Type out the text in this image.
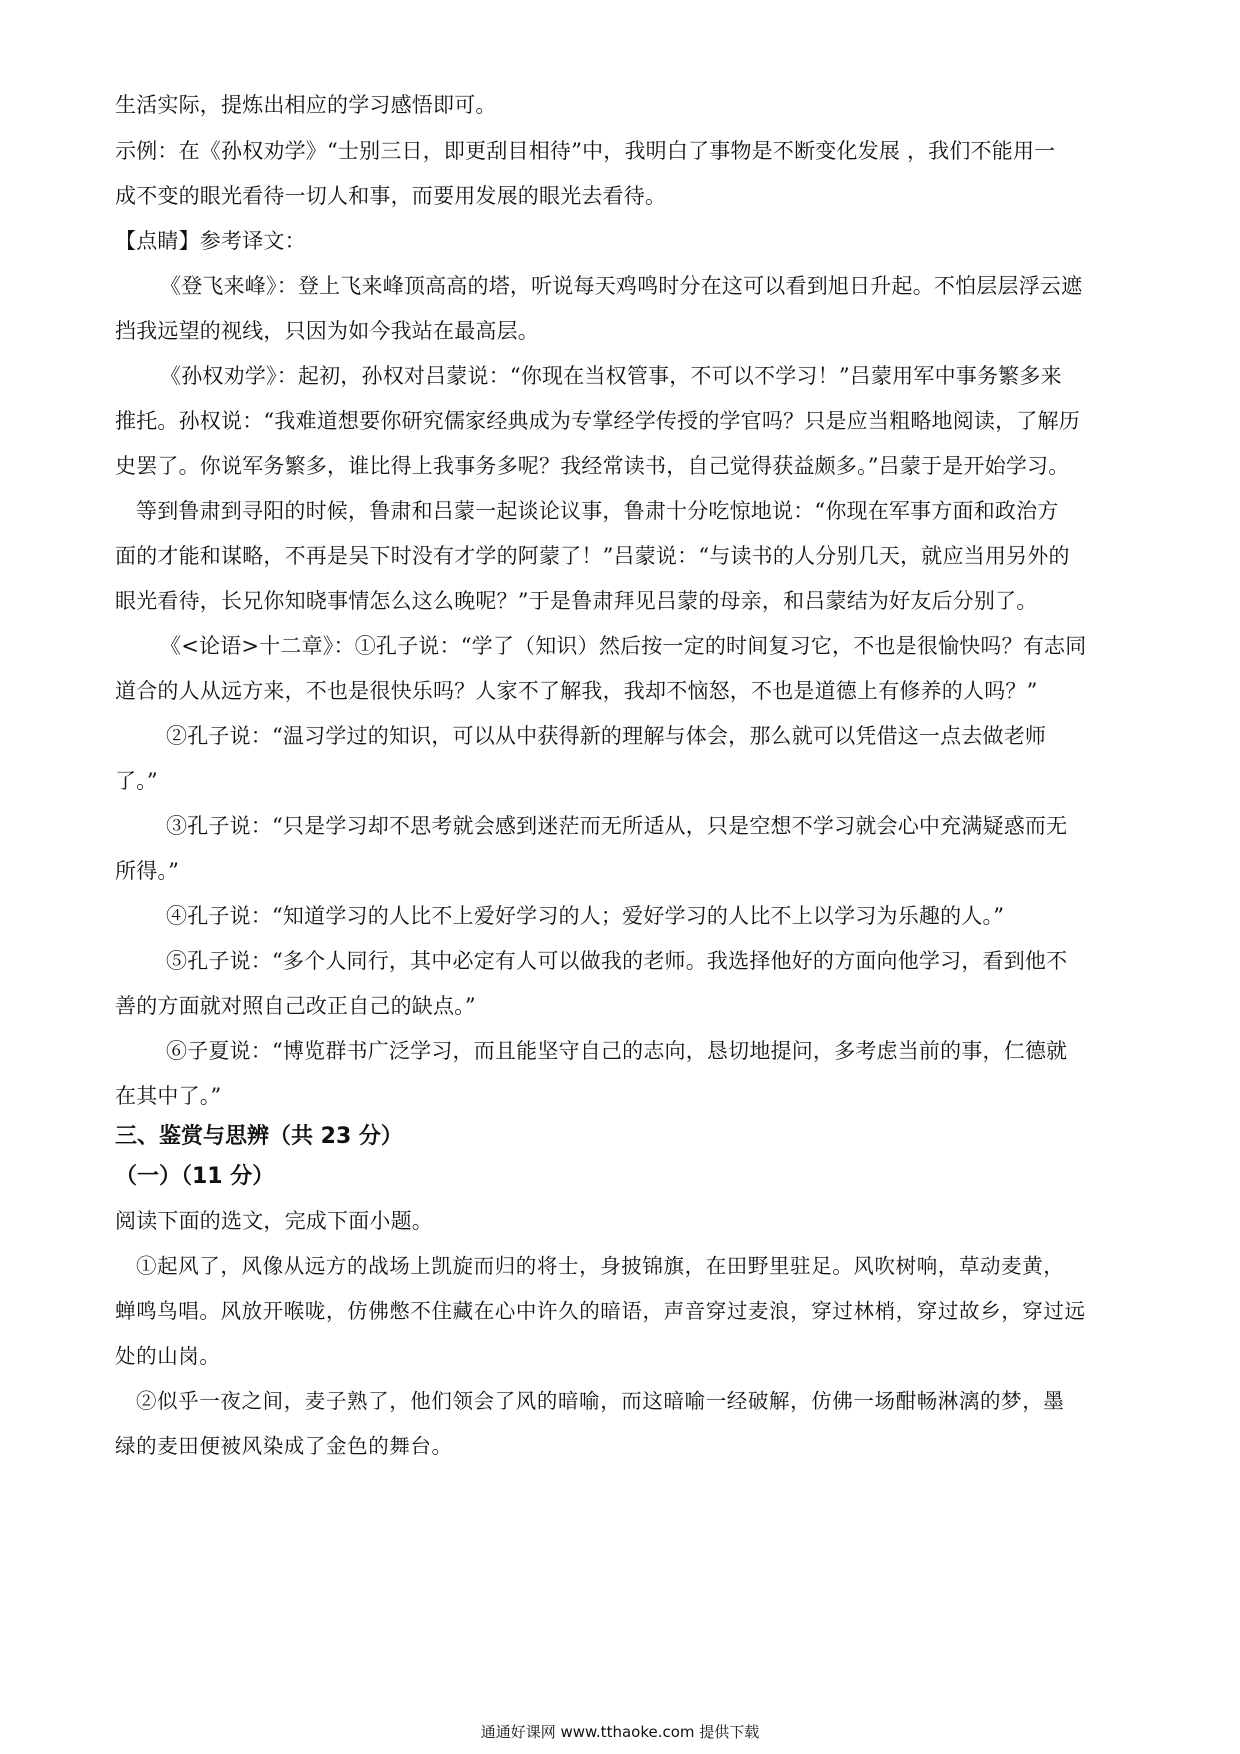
生活实际，提炼出相应的学习感悟即可。
示例：在《孙权劝学》“士别三日，即更刮目相待”中，我明白了事物是不断变化发展 ，我们不能用一
成不变的眼光看待一切人和事，而要用发展的眼光去看待。
【点睛】参考译文：
《登飞来峰》：登上飞来峰顶高高的塔，听说每天鸡鸣时分在这可以看到旭日升起。不怕层层浮云遮
挡我远望的视线，只因为如今我站在最高层。
《孙权劝学》：起初，孙权对吕蒙说：“你现在当权管事，不可以不学习！”吕蒙用军中事务繁多来
推托。孙权说：“我难道想要你研究儒家经典成为专掌经学传授的学官吗？只是应当粗略地阅读，了解历
史罢了。你说军务繁多，谁比得上我事务多呢？我经常读书，自己觉得获益颇多。”吕蒙于是开始学习。
等到鲁肃到寻阳的时候，鲁肃和吕蒙一起谈论议事，鲁肃十分吃惊地说：“你现在军事方面和政治方
面的才能和谋略，不再是吴下时没有才学的阿蒙了！”吕蒙说：“与读书的人分别几天，就应当用另外的
眼光看待，长兄你知晓事情怎么这么晚呢？”于是鲁肃拜见吕蒙的母亲，和吕蒙结为好友后分别了。
《<论语>十二章》：①孔子说：“学了（知识）然后按一定的时间复习它，不也是很愉快吗？有志同
道合的人从远方来，不也是很快乐吗？人家不了解我，我却不恼怒，不也是道德上有修养的人吗？”
②孔子说：“温习学过的知识，可以从中获得新的理解与体会，那么就可以凭借这一点去做老师
了。”
③孔子说：“只是学习却不思考就会感到迷茫而无所适从，只是空想不学习就会心中充满疑惑而无
所得。”
④孔子说：“知道学习的人比不上爱好学习的人；爱好学习的人比不上以学习为乐趣的人。”
⑤孔子说：“多个人同行，其中必定有人可以做我的老师。我选择他好的方面向他学习，看到他不
善的方面就对照自己改正自己的缺点。”
⑥子夏说：“博览群书广泛学习，而且能坚守自己的志向，恳切地提问，多考虑当前的事，仁德就
在其中了。”
三、鉴赏与思辨（共 23 分）
（一）（11 分）
阅读下面的选文，完成下面小题。
①起风了，风像从远方的战场上凯旋而归的将士，身披锦旗，在田野里驻足。风吹树响，草动麦黄，
蝉鸣鸟唱。风放开喉咙，仿佛憋不住藏在心中许久的暗语，声音穿过麦浪，穿过林梢，穿过故乡，穿过远
处的山岗。
②似乎一夜之间，麦子熟了，他们领会了风的暗喻，而这暗喻一经破解，仿佛一场酣畅淋漓的梦，墨
绿的麦田便被风染成了金色的舞台。
通通好课网 www.tthaoke.com 提供下载
